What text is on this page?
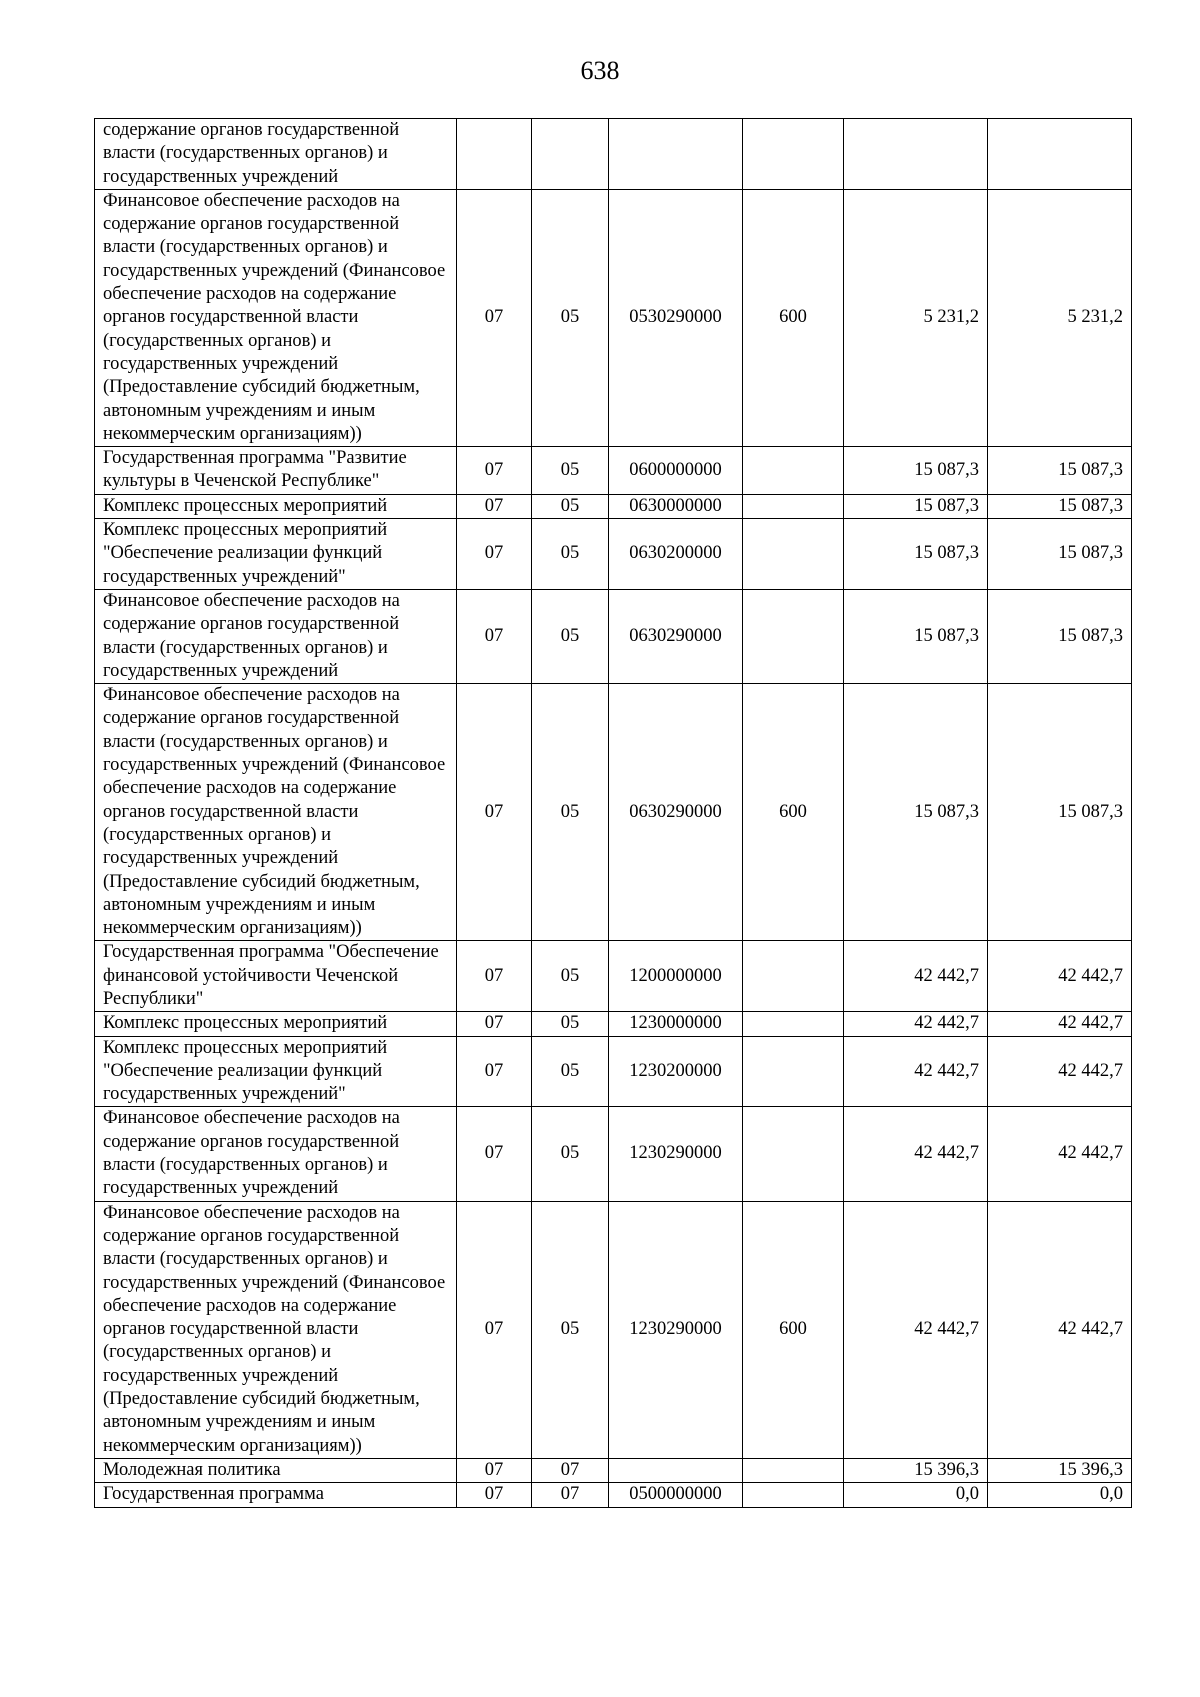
638
содержание органов государственной власти (государственных органов) и государственных учреждений						
Финансовое обеспечение расходов на содержание органов государственной власти (государственных органов) и государственных учреждений (Финансовое обеспечение расходов на содержание органов государственной власти (государственных органов) и государственных учреждений (Предоставление субсидий бюджетным, автономным учреждениям и иным некоммерческим организациям))	07	05	0530290000	600	5 231,2	5 231,2
Государственная программа "Развитие культуры в Чеченской Республике"	07	05	0600000000		15 087,3	15 087,3
Комплекс процессных мероприятий	07	05	0630000000		15 087,3	15 087,3
Комплекс процессных мероприятий "Обеспечение реализации функций государственных учреждений"	07	05	0630200000		15 087,3	15 087,3
Финансовое обеспечение расходов на содержание органов государственной власти (государственных органов) и государственных учреждений	07	05	0630290000		15 087,3	15 087,3
Финансовое обеспечение расходов на содержание органов государственной власти (государственных органов) и государственных учреждений (Финансовое обеспечение расходов на содержание органов государственной власти (государственных органов) и государственных учреждений (Предоставление субсидий бюджетным, автономным учреждениям и иным некоммерческим организациям))	07	05	0630290000	600	15 087,3	15 087,3
Государственная программа "Обеспечение финансовой устойчивости Чеченской Республики"	07	05	1200000000		42 442,7	42 442,7
Комплекс процессных мероприятий	07	05	1230000000		42 442,7	42 442,7
Комплекс процессных мероприятий "Обеспечение реализации функций государственных учреждений"	07	05	1230200000		42 442,7	42 442,7
Финансовое обеспечение расходов на содержание органов государственной власти (государственных органов) и государственных учреждений	07	05	1230290000		42 442,7	42 442,7
Финансовое обеспечение расходов на содержание органов государственной власти (государственных органов) и государственных учреждений (Финансовое обеспечение расходов на содержание органов государственной власти (государственных органов) и государственных учреждений (Предоставление субсидий бюджетным, автономным учреждениям и иным некоммерческим организациям))	07	05	1230290000	600	42 442,7	42 442,7
Молодежная политика	07	07			15 396,3	15 396,3
Государственная программа	07	07	0500000000		0,0	0,0
